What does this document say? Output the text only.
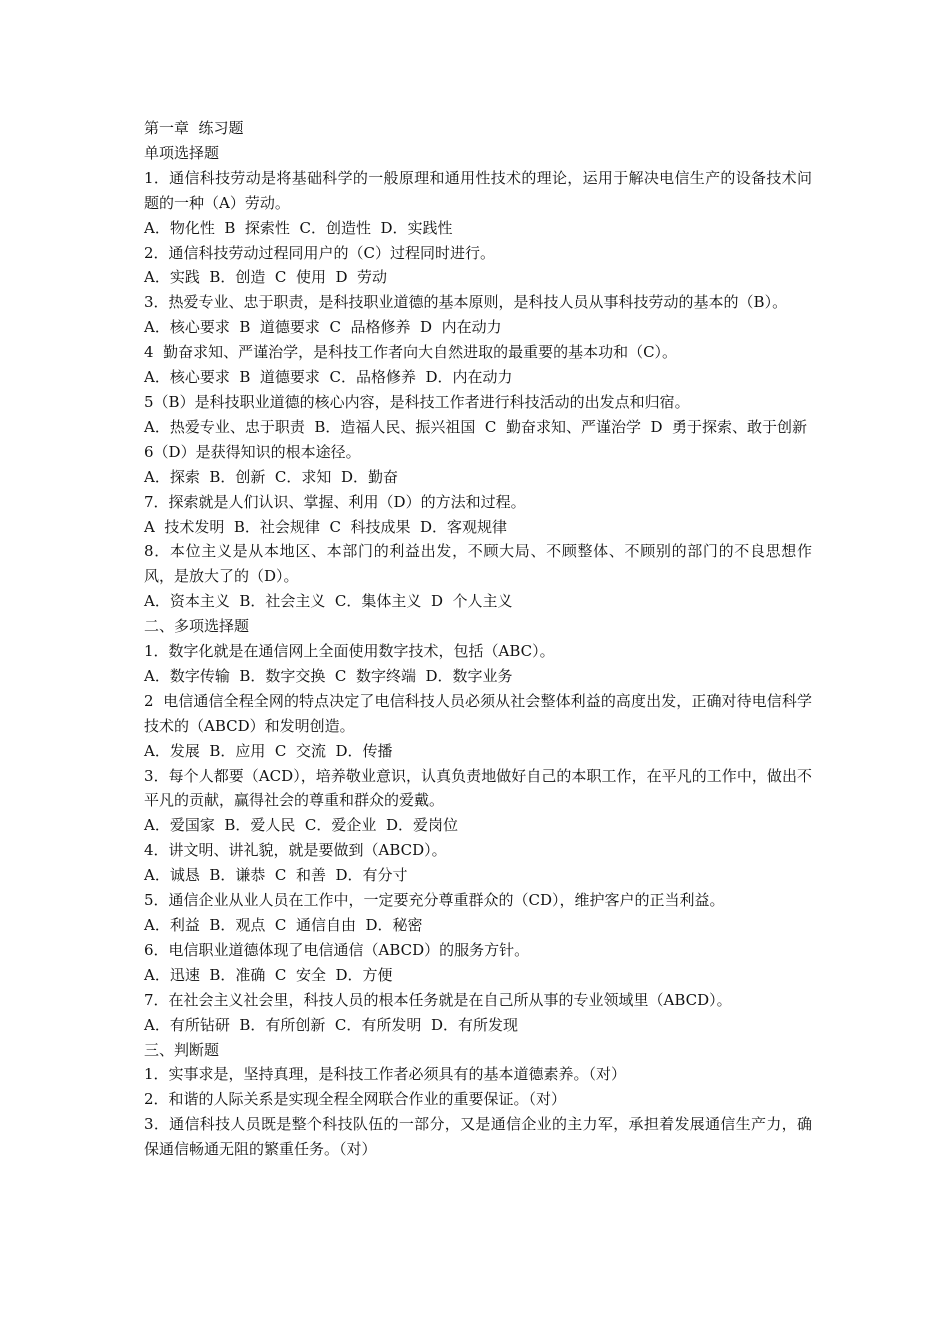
第一章  练习题

单项选择题

1．通信科技劳动是将基础科学的一般原理和通用性技术的理论，运用于解决电信生产的设备技术问题的一种（A）劳动。

A．物化性  B  探索性  C．创造性  D．实践性

2．通信科技劳动过程同用户的（C）过程同时进行。

A．实践  B．创造  C  使用  D  劳动

3．热爱专业、忠于职责，是科技职业道德的基本原则，是科技人员从事科技劳动的基本的（B）。

A．核心要求  B  道德要求  C  品格修养  D  内在动力

4  勤奋求知、严谨治学，是科技工作者向大自然进取的最重要的基本功和（C）。

A．核心要求  B  道德要求  C．品格修养  D．内在动力

5（B）是科技职业道德的核心内容，是科技工作者进行科技活动的出发点和归宿。

A．热爱专业、忠于职责  B．造福人民、振兴祖国  C  勤奋求知、严谨治学  D  勇于探索、敢于创新

6（D）是获得知识的根本途径。

A．探索  B．创新  C．求知  D．勤奋

7．探索就是人们认识、掌握、利用（D）的方法和过程。

A  技术发明  B．社会规律  C  科技成果  D．客观规律

8．本位主义是从本地区、本部门的利益出发，不顾大局、不顾整体、不顾别的部门的不良思想作风，是放大了的（D）。

A．资本主义  B．社会主义  C．集体主义  D  个人主义

二、多项选择题

1．数字化就是在通信网上全面使用数字技术，包括（ABC）。

A．数字传输  B．数字交换  C  数字终端  D．数字业务

2  电信通信全程全网的特点决定了电信科技人员必须从社会整体利益的高度出发，正确对待电信科学技术的（ABCD）和发明创造。

A．发展  B．应用  C  交流  D．传播

3．每个人都要（ACD），培养敬业意识，认真负责地做好自己的本职工作，在平凡的工作中，做出不平凡的贡献，赢得社会的尊重和群众的爱戴。

A．爱国家  B．爱人民  C．爱企业  D．爱岗位

4．讲文明、讲礼貌，就是要做到（ABCD）。

A．诚恳  B．谦恭  C  和善  D．有分寸

5．通信企业从业人员在工作中，一定要充分尊重群众的（CD），维护客户的正当利益。

A．利益  B．观点  C  通信自由  D．秘密

6．电信职业道德体现了电信通信（ABCD）的服务方针。

A．迅速  B．准确  C  安全  D．方便

7．在社会主义社会里，科技人员的根本任务就是在自己所从事的专业领域里（ABCD）。

A．有所钻研  B．有所创新  C．有所发明  D．有所发现

三、判断题

1．实事求是，坚持真理，是科技工作者必须具有的基本道德素养。（对）

2．和谐的人际关系是实现全程全网联合作业的重要保证。（对）

3．通信科技人员既是整个科技队伍的一部分，又是通信企业的主力军，承担着发展通信生产力，确保通信畅通无阻的繁重任务。（对）
